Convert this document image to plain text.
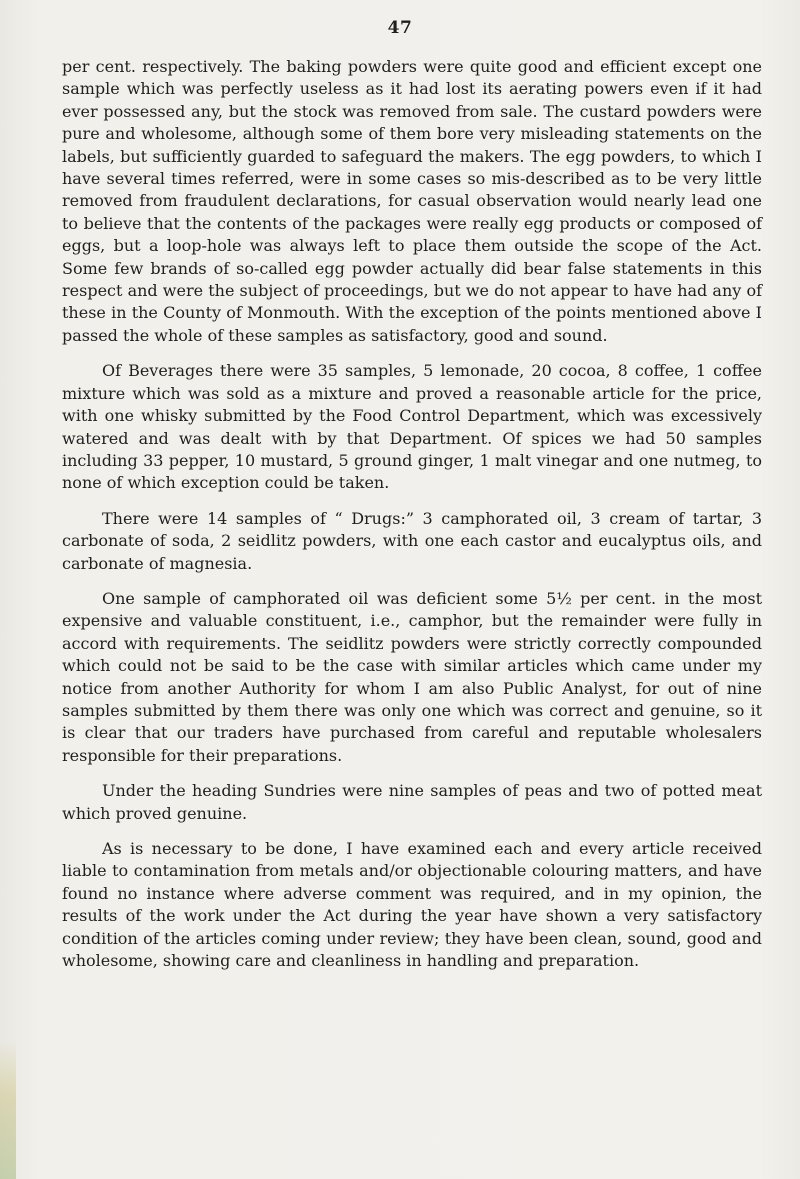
47

per cent. respectively. The baking powders were quite good and efficient except one sample which was perfectly useless as it had lost its aerating powers even if it had ever possessed any, but the stock was removed from sale. The custard powders were pure and wholesome, although some of them bore very misleading statements on the labels, but sufficiently guarded to safeguard the makers. The egg powders, to which I have several times referred, were in some cases so mis-described as to be very little removed from fraudulent declarations, for casual observation would nearly lead one to believe that the contents of the packages were really egg products or composed of eggs, but a loop-hole was always left to place them outside the scope of the Act. Some few brands of so-called egg powder actually did bear false statements in this respect and were the subject of proceedings, but we do not appear to have had any of these in the County of Monmouth. With the exception of the points mentioned above I passed the whole of these samples as satisfactory, good and sound.

Of Beverages there were 35 samples, 5 lemonade, 20 cocoa, 8 coffee, 1 coffee mixture which was sold as a mixture and proved a reasonable article for the price, with one whisky submitted by the Food Control Department, which was excessively watered and was dealt with by that Department. Of spices we had 50 samples including 33 pepper, 10 mustard, 5 ground ginger, 1 malt vinegar and one nutmeg, to none of which exception could be taken.

There were 14 samples of “ Drugs:” 3 camphorated oil, 3 cream of tartar, 3 carbonate of soda, 2 seidlitz powders, with one each castor and eucalyptus oils, and carbonate of magnesia.

One sample of camphorated oil was deficient some 5½ per cent. in the most expensive and valuable constituent, i.e., camphor, but the remainder were fully in accord with requirements. The seidlitz powders were strictly correctly compounded which could not be said to be the case with similar articles which came under my notice from another Authority for whom I am also Public Analyst, for out of nine samples submitted by them there was only one which was correct and genuine, so it is clear that our traders have purchased from careful and reputable wholesalers responsible for their preparations.

Under the heading Sundries were nine samples of peas and two of potted meat which proved genuine.

As is necessary to be done, I have examined each and every article received liable to contamination from metals and/or objectionable colouring matters, and have found no instance where adverse comment was required, and in my opinion, the results of the work under the Act during the year have shown a very satisfactory condition of the articles coming under review; they have been clean, sound, good and wholesome, showing care and cleanliness in handling and preparation.
